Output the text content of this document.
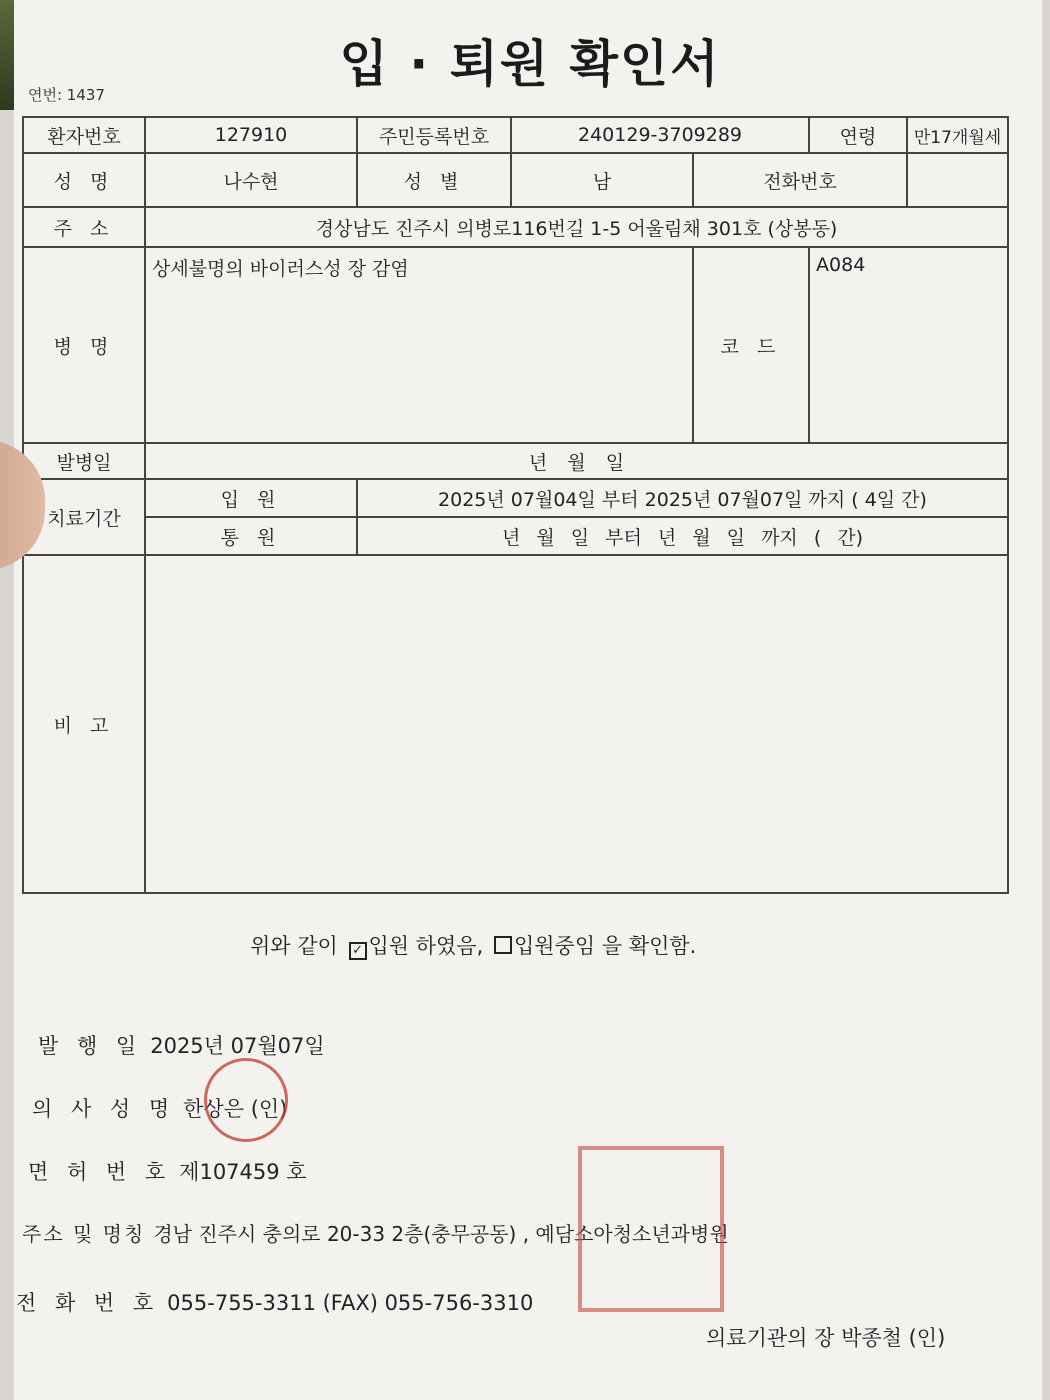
입 · 퇴원 확인서
연번: 1437
환자번호	127910	주민등록번호	240129-3709289		연령	만17개월세
성 명	나수현	성 별	남	전화번호		
주 소	경상남도 진주시 의병로116번길 1-5 어울림채 301호 (상봉동)					
병 명	상세불명의 바이러스성 장 감염			코 드	A084	
발병일	년 월 일					
치료기간	입 원	2025년 07월04일 부터 2025년 07월07일 까지 ( 4일 간)				
	통 원	년 월 일 부터 년 월 일 까지 ( 간)				
비 고						
위와 같이 ✓ 입원 하였음, 입원중임 을 확인함.
발 행 일 2025년 07월07일
의 사 성 명 한상은 (인)
면 허 번 호 제107459 호
주소 및 명칭 경남 진주시 충의로 20-33 2층(충무공동) , 예담소아청소년과병원
전 화 번 호 055-755-3311 (FAX) 055-756-3310
의료기관의 장 박종철 (인)
